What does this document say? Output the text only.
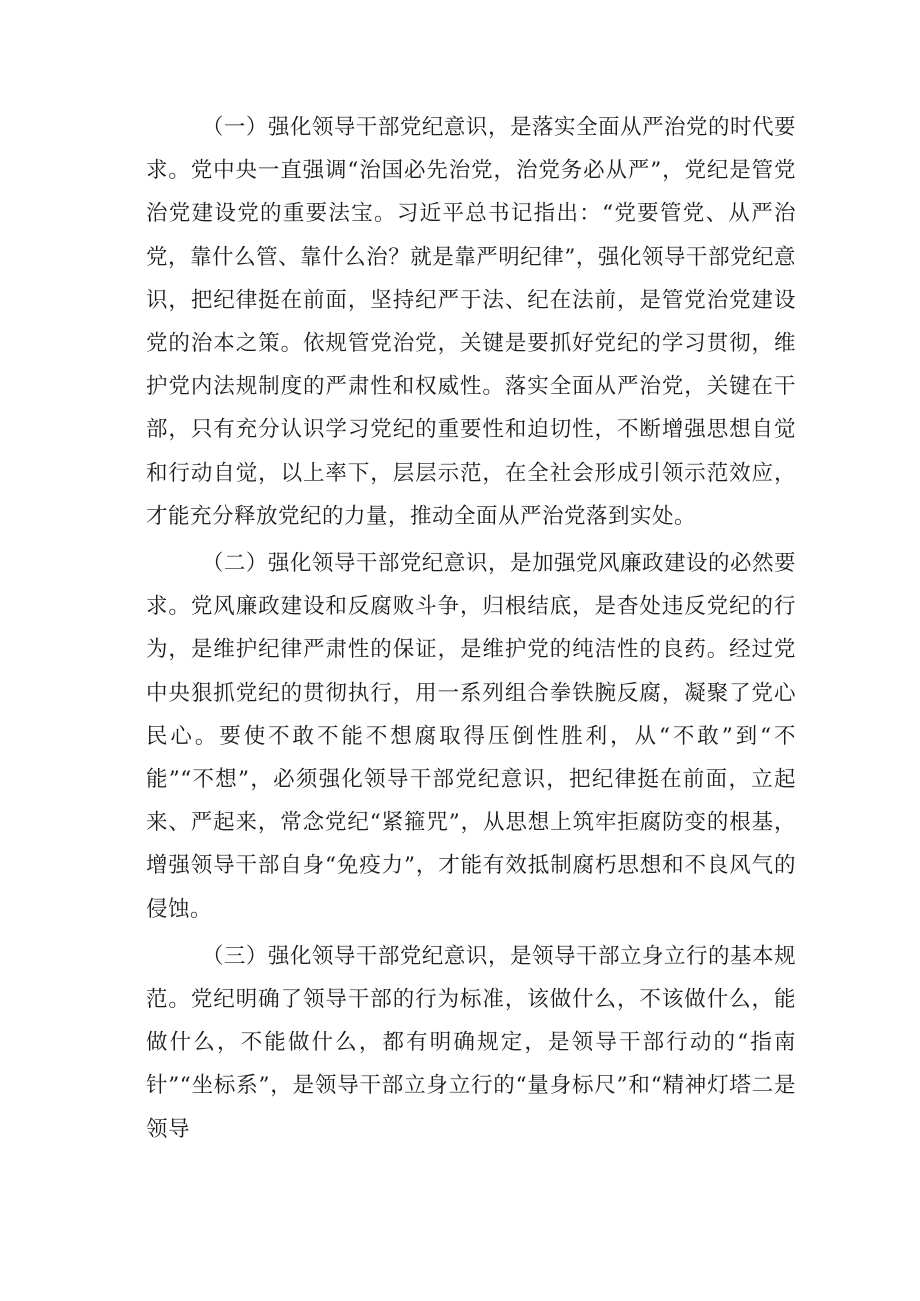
（一）强化领导干部党纪意识，是落实全面从严治党的时代要求。党中央一直强调“治国必先治党，治党务必从严”，党纪是管党治党建设党的重要法宝。习近平总书记指出：“党要管党、从严治党，靠什么管、靠什么治？就是靠严明纪律”，强化领导干部党纪意识，把纪律挺在前面，坚持纪严于法、纪在法前，是管党治党建设党的治本之策。依规管党治党，关键是要抓好党纪的学习贯彻，维护党内法规制度的严肃性和权威性。落实全面从严治党，关键在干部，只有充分认识学习党纪的重要性和迫切性，不断增强思想自觉和行动自觉，以上率下，层层示范，在全社会形成引领示范效应，才能充分释放党纪的力量，推动全面从严治党落到实处。

（二）强化领导干部党纪意识，是加强党风廉政建设的必然要求。党风廉政建设和反腐败斗争，归根结底，是杳处违反党纪的行为，是维护纪律严肃性的保证，是维护党的纯洁性的良药。经过党中央狠抓党纪的贯彻执行，用一系列组合拳铁腕反腐，凝聚了党心民心。要使不敢不能不想腐取得压倒性胜利，从“不敢”到“不能”“不想”，必须强化领导干部党纪意识，把纪律挺在前面，立起来、严起来，常念党纪“紧箍咒”，从思想上筑牢拒腐防变的根基，增强领导干部自身“免疫力”，才能有效抵制腐朽思想和不良风气的侵蚀。

（三）强化领导干部党纪意识，是领导干部立身立行的基本规范。党纪明确了领导干部的行为标准，该做什么，不该做什么，能做什么，不能做什么，都有明确规定，是领导干部行动的“指南针”“坐标系”，是领导干部立身立行的“量身标尺”和“精神灯塔二是领导
